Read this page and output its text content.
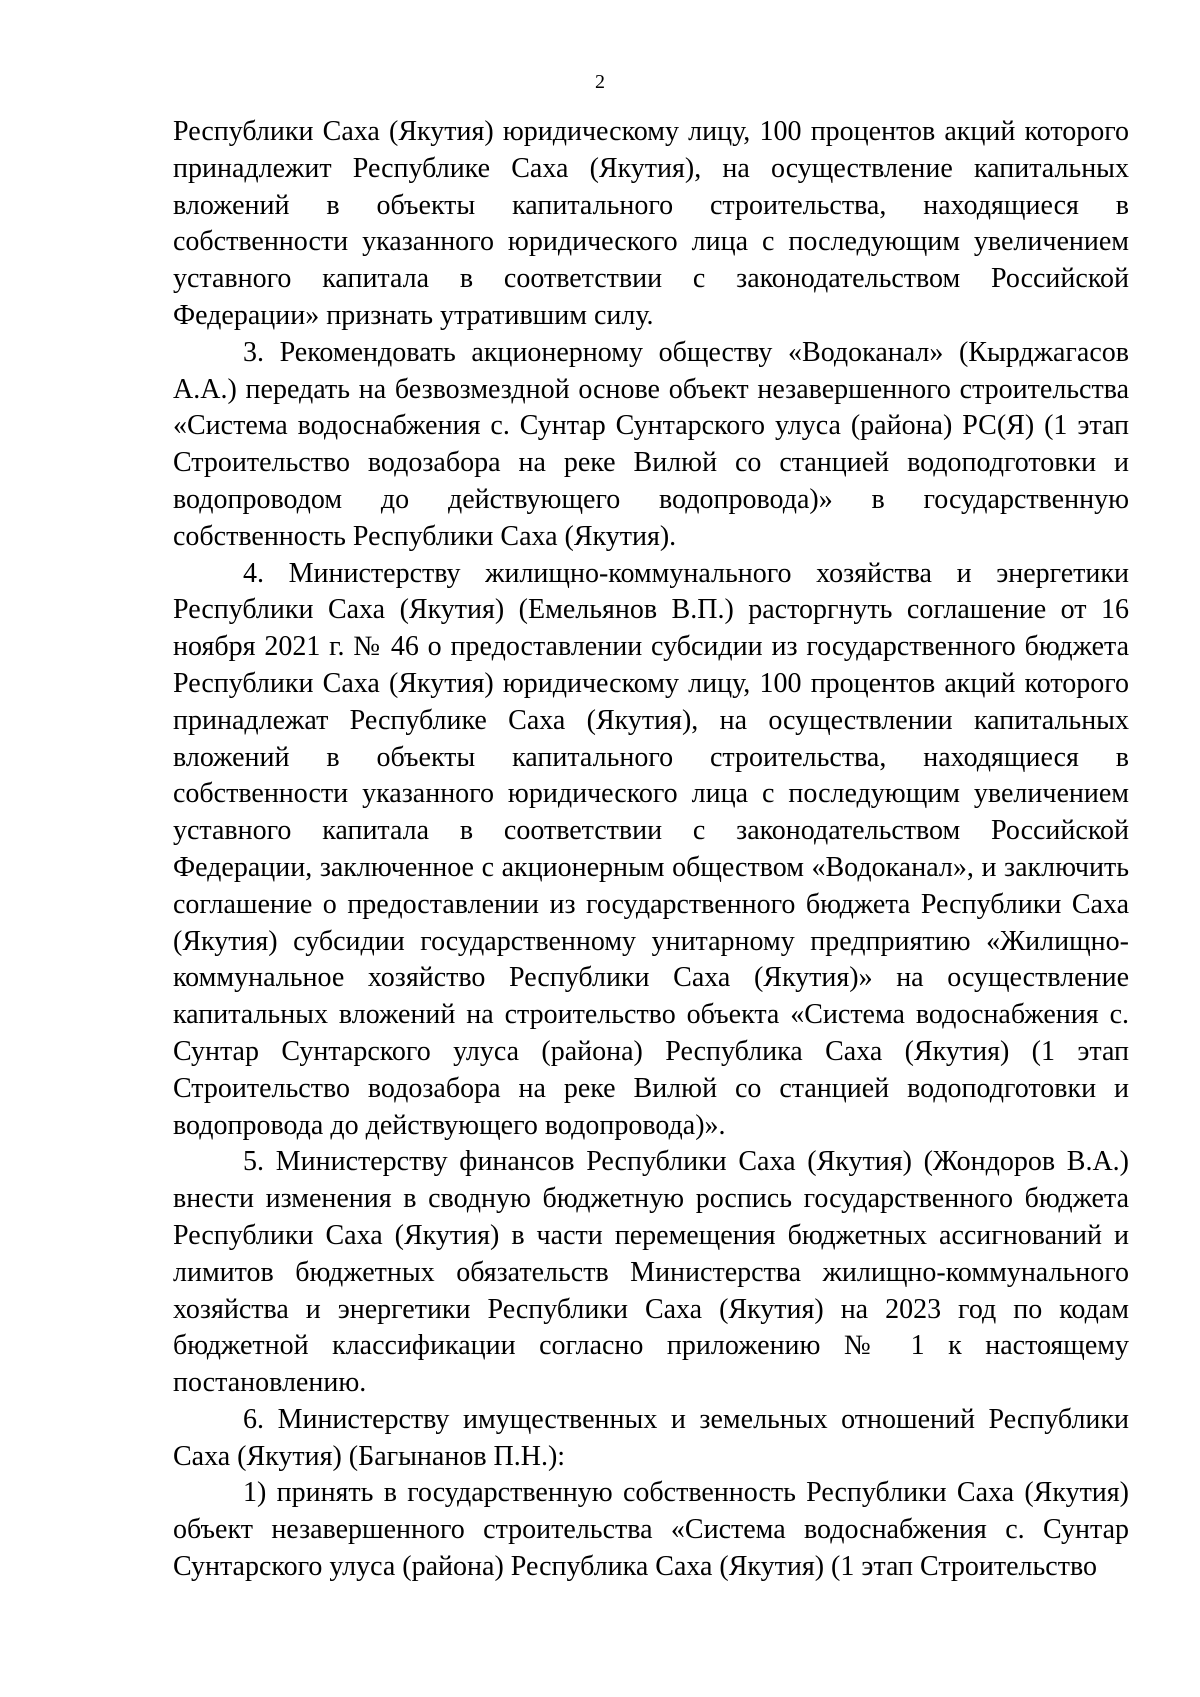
2

Республики Саха (Якутия) юридическому лицу, 100 процентов акций которого принадлежит Республике Саха (Якутия), на осуществление капитальных вложений в объекты капитального строительства, находящиеся в собственности указанного юридического лица с последующим увеличением уставного капитала в соответствии с законодательством Российской Федерации» признать утратившим силу.

3. Рекомендовать акционерному обществу «Водоканал» (Кырджагасов А.А.) передать на безвозмездной основе объект незавершенного строительства «Система водоснабжения с. Сунтар Сунтарского улуса (района) РС(Я) (1 этап Строительство водозабора на реке Вилюй со станцией водоподготовки и водопроводом до действующего водопровода)» в государственную собственность Республики Саха (Якутия).

4. Министерству жилищно-коммунального хозяйства и энергетики Республики Саха (Якутия) (Емельянов В.П.) расторгнуть соглашение от 16 ноября 2021 г. № 46 о предоставлении субсидии из государственного бюджета Республики Саха (Якутия) юридическому лицу, 100 процентов акций которого принадлежат Республике Саха (Якутия), на осуществлении капитальных вложений в объекты капитального строительства, находящиеся в собственности указанного юридического лица с последующим увеличением уставного капитала в соответствии с законодательством Российской Федерации, заключенное с акционерным обществом «Водоканал», и заключить соглашение о предоставлении из государственного бюджета Республики Саха (Якутия) субсидии государственному унитарному предприятию «Жилищно-коммунальное хозяйство Республики Саха (Якутия)» на осуществление капитальных вложений на строительство объекта «Система водоснабжения с. Сунтар Сунтарского улуса (района) Республика Саха (Якутия) (1 этап Строительство водозабора на реке Вилюй со станцией водоподготовки и водопровода до действующего водопровода)».

5. Министерству финансов Республики Саха (Якутия) (Жондоров В.А.) внести изменения в сводную бюджетную роспись государственного бюджета Республики Саха (Якутия) в части перемещения бюджетных ассигнований и лимитов бюджетных обязательств Министерства жилищно-коммунального хозяйства и энергетики Республики Саха (Якутия) на 2023 год по кодам бюджетной классификации согласно приложению № 1 к настоящему постановлению.

6. Министерству имущественных и земельных отношений Республики Саха (Якутия) (Багынанов П.Н.):

1) принять в государственную собственность Республики Саха (Якутия) объект незавершенного строительства «Система водоснабжения с. Сунтар Сунтарского улуса (района) Республика Саха (Якутия) (1 этап Строительство
